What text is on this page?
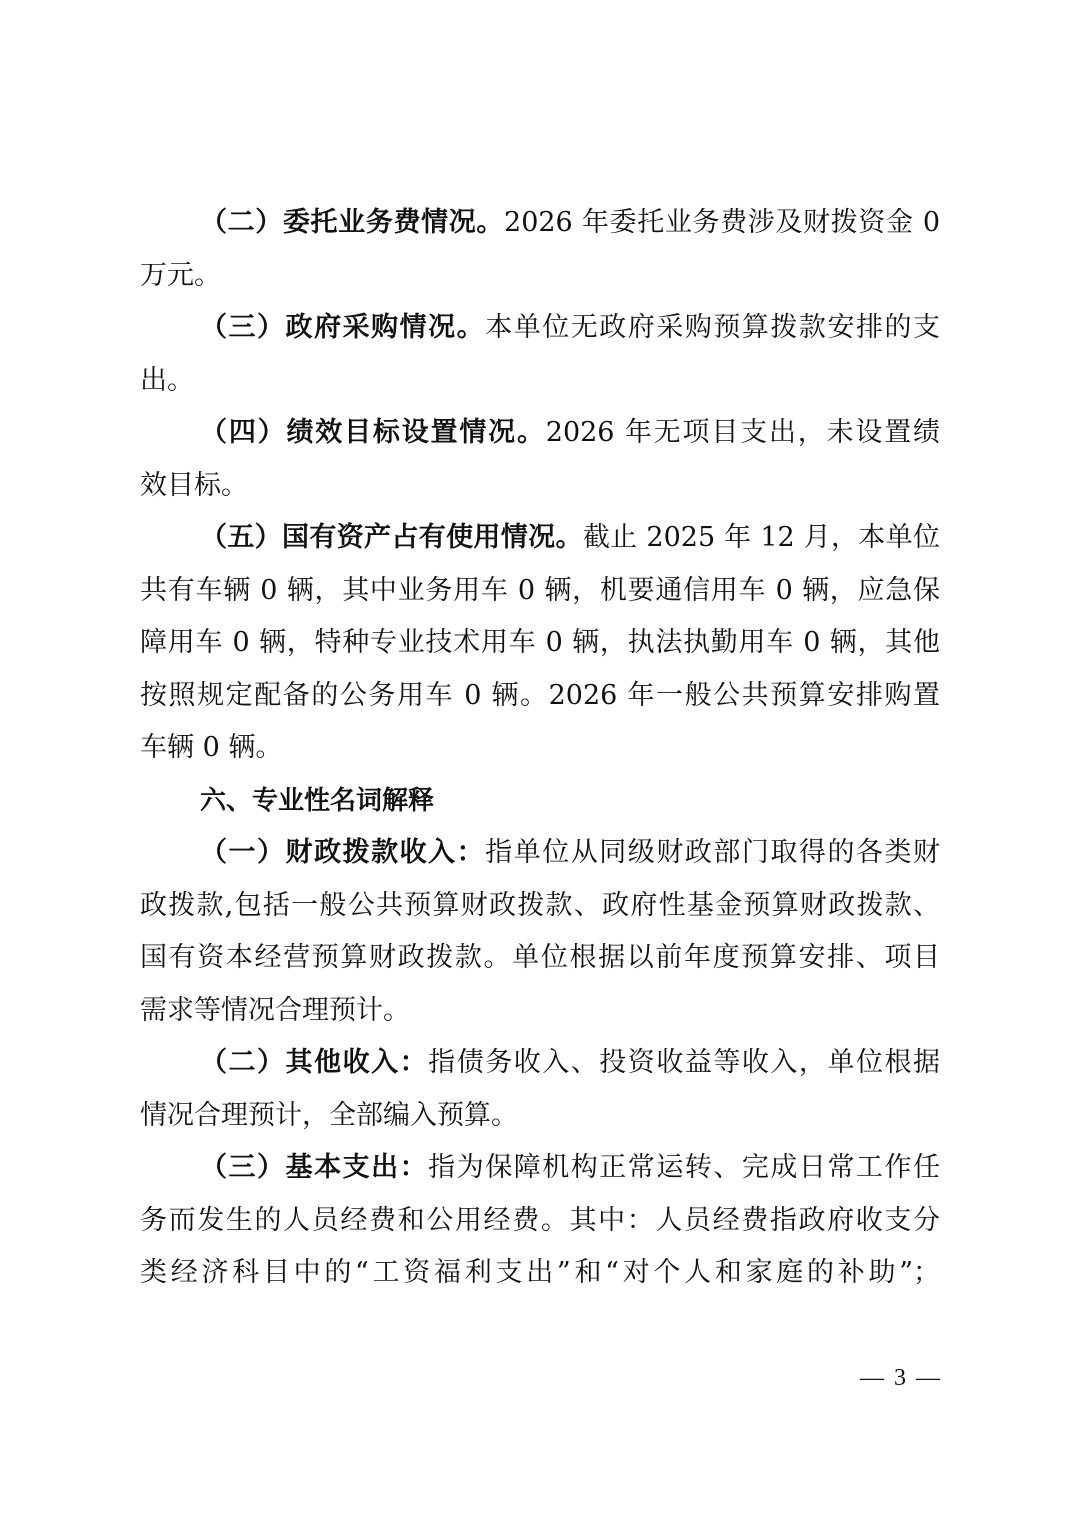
（二）委托业务费情况。2026 年委托业务费涉及财拨资金 0
万元。
（三）政府采购情况。本单位无政府采购预算拨款安排的支
出。
（四）绩效目标设置情况。2026 年无项目支出，未设置绩
效目标。
（五）国有资产占有使用情况。截止 2025 年 12 月，本单位
共有车辆 0 辆，其中业务用车 0 辆，机要通信用车 0 辆，应急保
障用车 0 辆，特种专业技术用车 0 辆，执法执勤用车 0 辆，其他
按照规定配备的公务用车 0 辆。2026 年一般公共预算安排购置
车辆 0 辆。
六、专业性名词解释
（一）财政拨款收入：指单位从同级财政部门取得的各类财
政拨款,包括一般公共预算财政拨款、政府性基金预算财政拨款、
国有资本经营预算财政拨款。单位根据以前年度预算安排、项目
需求等情况合理预计。
（二）其他收入：指债务收入、投资收益等收入，单位根据
情况合理预计，全部编入预算。
（三）基本支出：指为保障机构正常运转、完成日常工作任
务而发生的人员经费和公用经费。其中：人员经费指政府收支分
类经济科目中的“工资福利支出”和“对个人和家庭的补助”；
— 3 —
